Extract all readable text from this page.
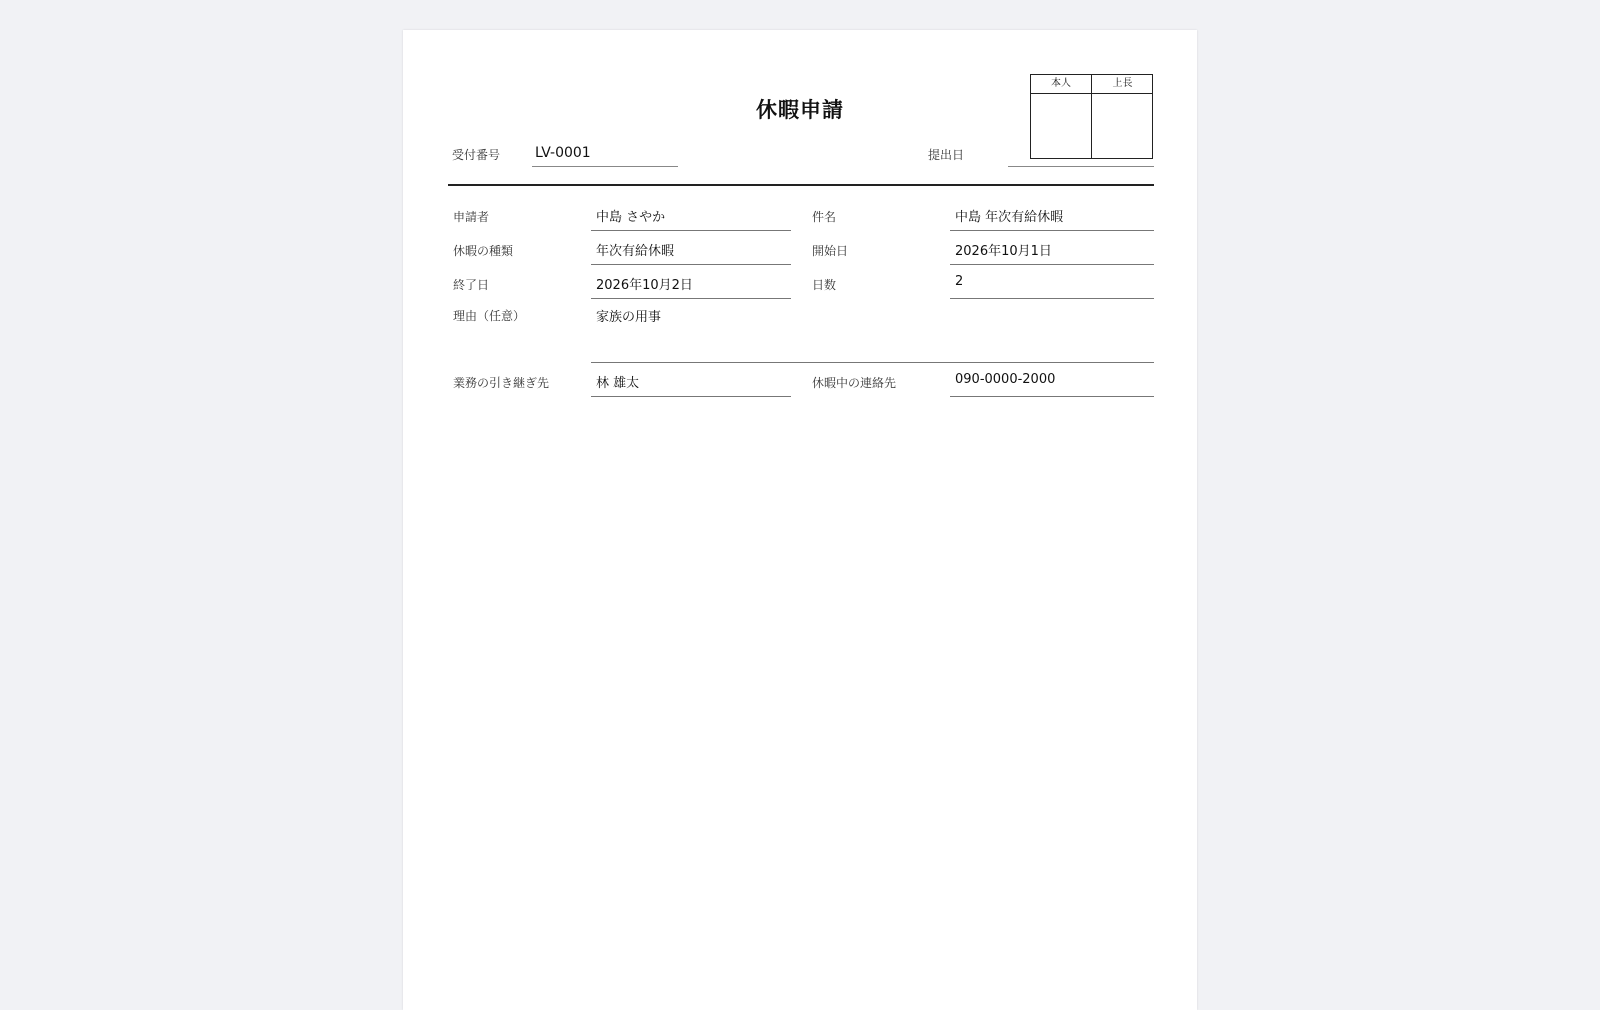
休暇申請
本人	上長
受付番号 LV-0001	提出日
申請者	中島 さやか	件名	中島 年次有給休暇
休暇の種類	年次有給休暇	開始日	2026年10月1日
終了日	2026年10月2日	日数	2
理由（任意）	家族の用事
業務の引き継ぎ先	林 雄太	休暇中の連絡先	090-0000-2000
